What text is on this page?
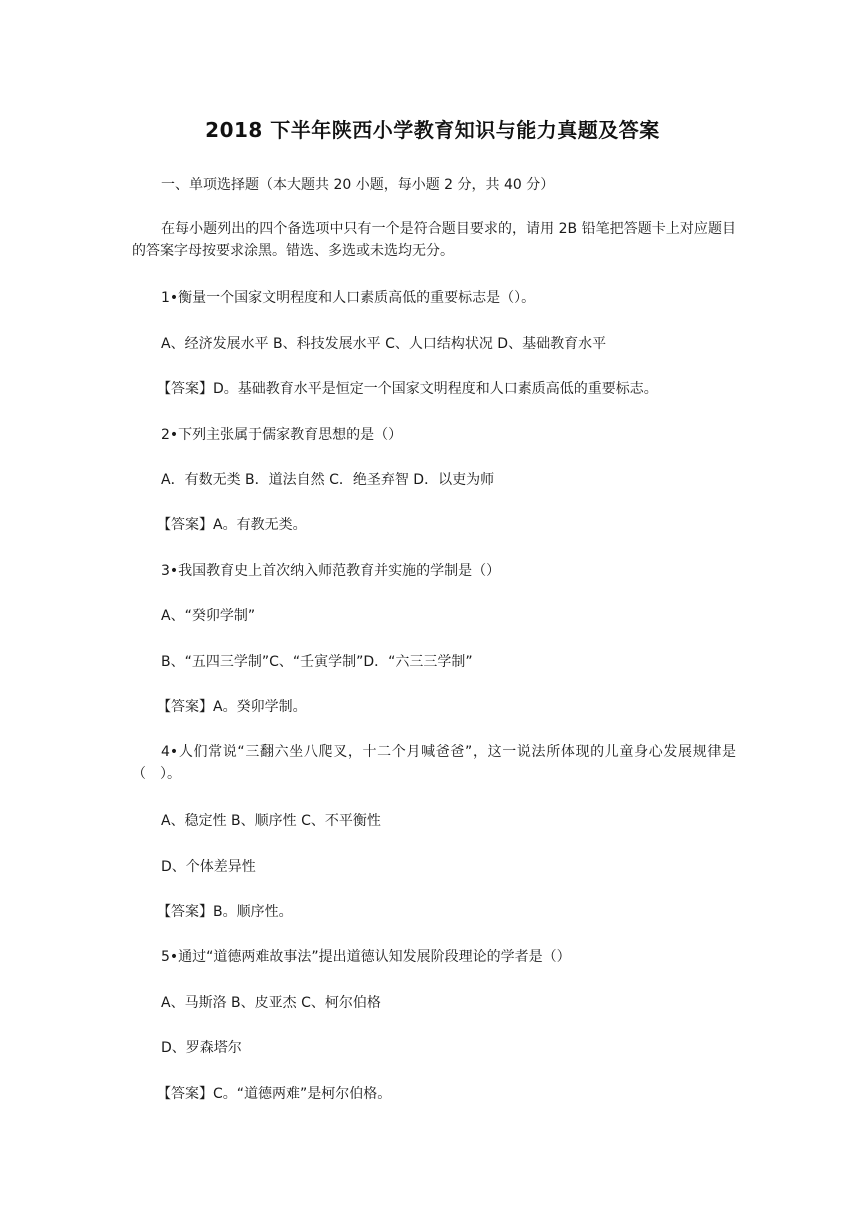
2018 下半年陕西小学教育知识与能力真题及答案
一、单项选择题（本大题共 20 小题，每小题 2 分，共 40 分）
在每小题列出的四个备选项中只有一个是符合题目要求的，请用 2B 铅笔把答题卡上对应题目的答案字母按要求涂黑。错选、多选或未选均无分。
1•衡量一个国家文明程度和人口素质高低的重要标志是（）。
A、经济发展水平 B、科技发展水平 C、人口结构状况 D、基础教育水平
【答案】D。基础教育水平是恒定一个国家文明程度和人口素质高低的重要标志。
2•下列主张属于儒家教育思想的是（）
A．有数无类 B．道法自然 C．绝圣弃智 D．以吏为师
【答案】A。有教无类。
3•我国教育史上首次纳入师范教育并实施的学制是（）
A、“癸卯学制”
B、“五四三学制”C、“壬寅学制”D．“六三三学制”
【答案】A。癸卯学制。
4•人们常说“三翻六坐八爬叉，十二个月喊爸爸”，这一说法所体现的儿童身心发展规律是（　）。
A、稳定性 B、顺序性 C、不平衡性
D、个体差异性
【答案】B。顺序性。
5•通过“道德两难故事法”提出道德认知发展阶段理论的学者是（）
A、马斯洛 B、皮亚杰 C、柯尔伯格
D、罗森塔尔
【答案】C。“道德两难”是柯尔伯格。
